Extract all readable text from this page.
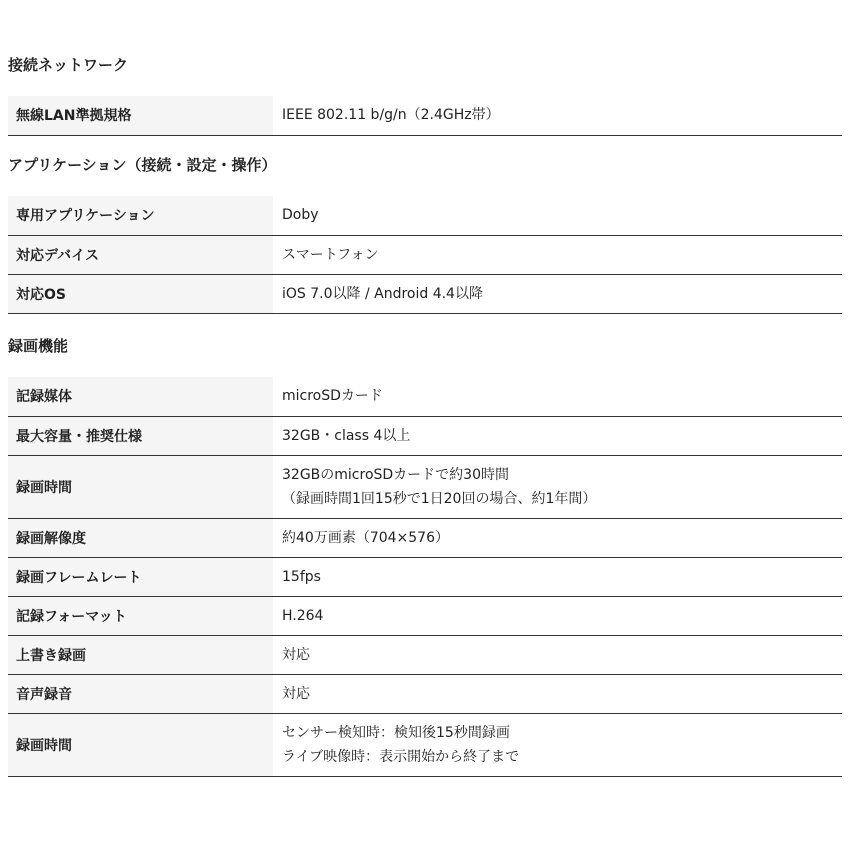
接続ネットワーク
無線LAN準拠規格	IEEE 802.11 b/g/n（2.4GHz帯）
アプリケーション（接続・設定・操作）
専用アプリケーション	Doby

対応デバイス	スマートフォン

対応OS	iOS 7.0以降 / Android 4.4以降
録画機能
記録媒体	microSDカード

最大容量・推奨仕様	32GB・class 4以上

録画時間	32GBのmicroSDカードで約30時間
（録画時間1回15秒で1日20回の場合、約1年間）

録画解像度	約40万画素（704×576）

録画フレームレート	15fps

記録フォーマット	H.264

上書き録画	対応

音声録音	対応

録画時間	センサー検知時：検知後15秒間録画
ライブ映像時：表示開始から終了まで
